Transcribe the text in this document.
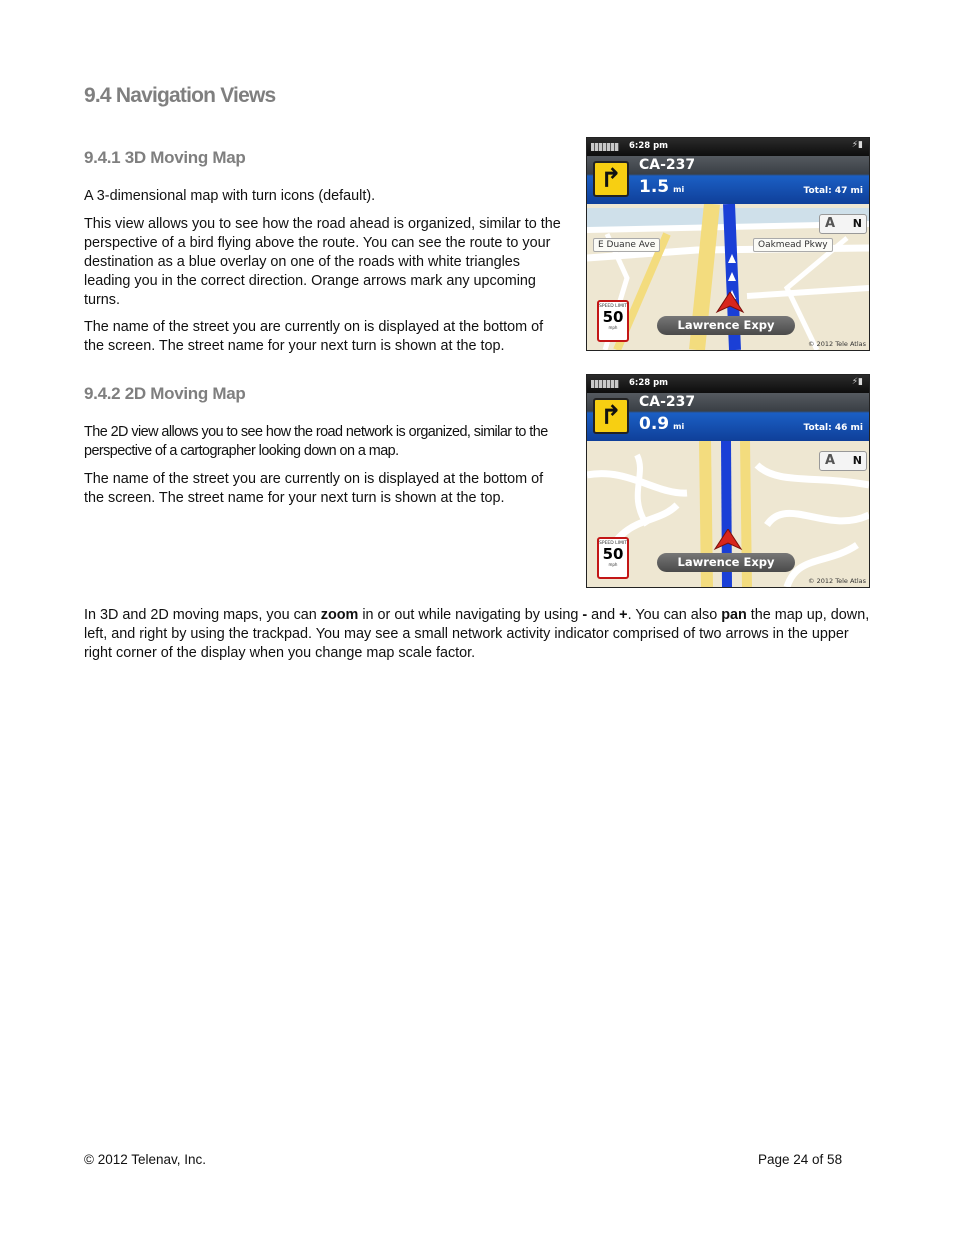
9.4 Navigation Views
9.4.1 3D Moving Map

A 3-dimensional map with turn icons (default).

This view allows you to see how the road ahead is organized, similar to the perspective of a bird flying above the route. You can see the route to your destination as a blue overlay on one of the roads with white triangles leading you in the correct direction. Orange arrows mark any upcoming turns.

The name of the street you are currently on is displayed at the bottom of the screen. The street name for your next turn is shown at the top.

9.4.2 2D Moving Map

The 2D view allows you to see how the road network is organized, similar to the perspective of a cartographer looking down on a map.

The name of the street you are currently on is displayed at the bottom of the screen. The street name for your next turn is shown at the top.

6:28 pm	⚡▮
↱	CA-237
1.5 mi	Total: 47 mi
A N
E Duane Ave	Oakmead Pkwy
SPEED LIMIT
50
mph	Lawrence Expy
© 2012 Tele Atlas
6:28 pm	⚡▮
↱	CA-237
0.9 mi	Total: 46 mi
A N
SPEED LIMIT
50
mph	Lawrence Expy
© 2012 Tele Atlas

In 3D and 2D moving maps, you can zoom in or out while navigating by using - and +. You can also pan the map up, down, left, and right by using the trackpad. You may see a small network activity indicator comprised of two arrows in the upper right corner of the display when you change map scale factor.

© 2012 Telenav, Inc.	Page 24 of 58
